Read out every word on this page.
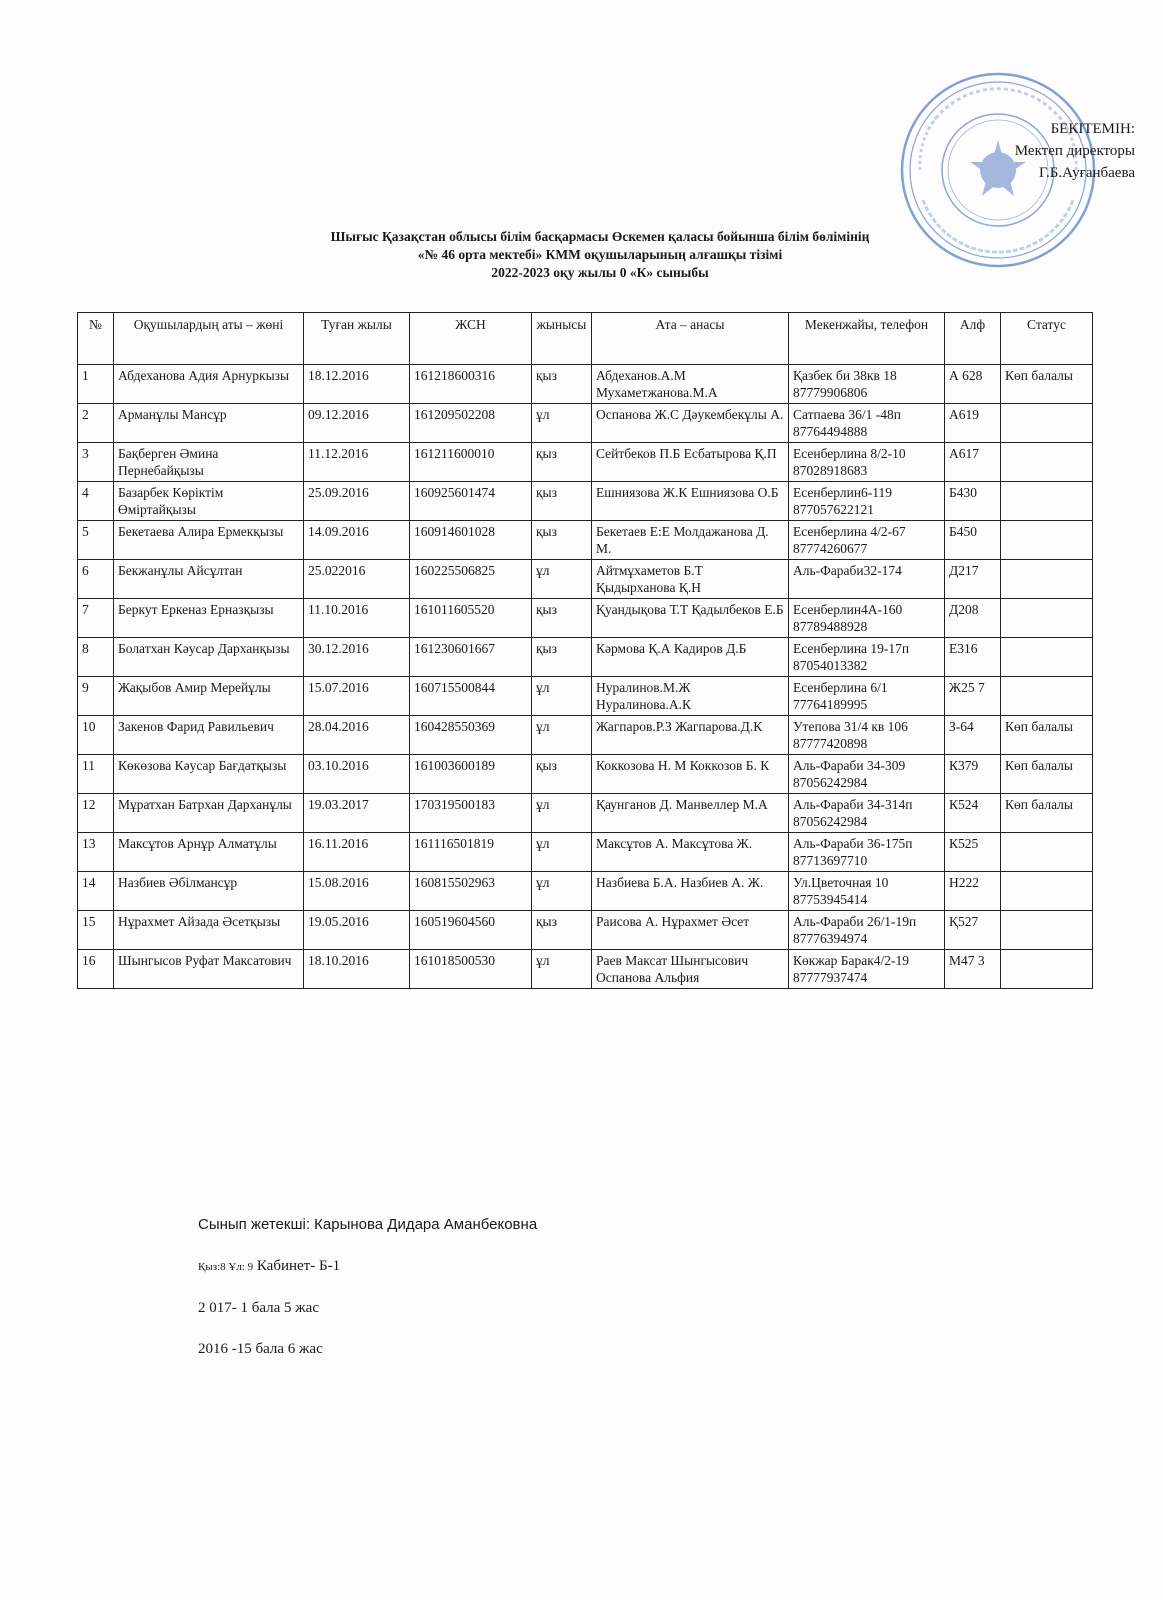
БЕКІТЕМІН:
Мектеп директоры
Г.Б.Ауғанбаева
Шығыс Қазақстан облысы білім басқармасы Өскемен қаласы бойынша білім бөлімінің
«№ 46 орта мектебі» КММ оқушыларының алғашқы тізімі
2022-2023 оқу жылы 0 «К» сыныбы
№	Оқушылардың аты – жөні	Туған жылы	ЖСН	жынысы	Ата – анасы	Мекенжайы, телефон	Алф	Статус
1	Абдеханова Адия Арнуркызы	18.12.2016	161218600316	қыз	Абдеханов.А.М Мухаметжанова.М.А	Қазбек би 38кв 18 87779906806	А 628	Көп балалы
2	Арманұлы Мансұр	09.12.2016	161209502208	ұл	Оспанова Ж.С Дәукембекұлы А.	Сатпаева 36/1 -48п 87764494888	А619	
3	Бақберген Әмина Пернебайқызы	11.12.2016	161211600010	қыз	Сейтбеков П.Б Есбатырова Қ.П	Есенберлина 8/2-10 87028918683	А617	
4	Базарбек Көріктім Өміртайқызы	25.09.2016	160925601474	қыз	Ешниязова Ж.К Ешниязова О.Б	Есенберлин6-119 877057622121	Б430	
5	Бекетаева Алира Ермекқызы	14.09.2016	160914601028	қыз	Бекетаев Е:Е Молдажанова Д. М.	Есенберлина 4/2-67 87774260677	Б450	
6	Бекжанұлы Айсұлтан	25.022016	160225506825	ұл	Айтмұхаметов Б.Т Қыдырханова Қ.Н	Аль-Фараби32-174	Д217	
7	Беркут Еркеназ Ерназқызы	11.10.2016	161011605520	қыз	Қуандықова Т.Т Қадылбеков Е.Б	Есенберлин4А-160 87789488928	Д208	
8	Болатхан Кәусар Дарханқызы	30.12.2016	161230601667	қыз	Кәрмова Қ.А Кадиров Д.Б	Есенберлина 19-17п 87054013382	Е316	
9	Жақыбов Амир Мерейұлы	15.07.2016	160715500844	ұл	Нуралинов.М.Ж Нуралинова.А.К	Есенберлина 6/1 77764189995	Ж25 7	
10	Закенов Фарид Равильевич	28.04.2016	160428550369	ұл	Жагпаров.Р.З Жагпарова.Д.К	Утепова 31/4 кв 106 87777420898	З-64	Көп балалы
11	Көкөзова Кәусар Бағдатқызы	03.10.2016	161003600189	қыз	Коккозова Н. М Коккозов Б. К	Аль-Фараби 34-309 87056242984	К379	Көп балалы
12	Мұратхан Батрхан Дарханұлы	19.03.2017	170319500183	ұл	Қаунганов Д. Манвеллер М.А	Аль-Фараби 34-314п 87056242984	К524	Көп балалы
13	Максұтов Арнұр Алматұлы	16.11.2016	161116501819	ұл	Максұтов А. Максұтова Ж.	Аль-Фараби 36-175п 87713697710	К525	
14	Назбиев Әбілмансұр	15.08.2016	160815502963	ұл	Назбиева Б.А. Назбиев А. Ж.	Ул.Цветочная 10 87753945414	Н222	
15	Нұрахмет Айзада Әсетқызы	19.05.2016	160519604560	қыз	Раисова А. Нұрахмет Әсет	Аль-Фараби 26/1-19п 87776394974	Қ527	
16	Шынгысов Руфат Максатович	18.10.2016	161018500530	ұл	Раев Максат Шынгысович Оспанова Альфия	Көкжар Барак4/2-19 87777937474	М47 3	
Сынып жетекші: Карынова Дидара Аманбековна
Қыз:8 Ұл: 9 Кабинет- Б-1
2 017- 1 бала 5 жас
2016 -15 бала 6 жас
